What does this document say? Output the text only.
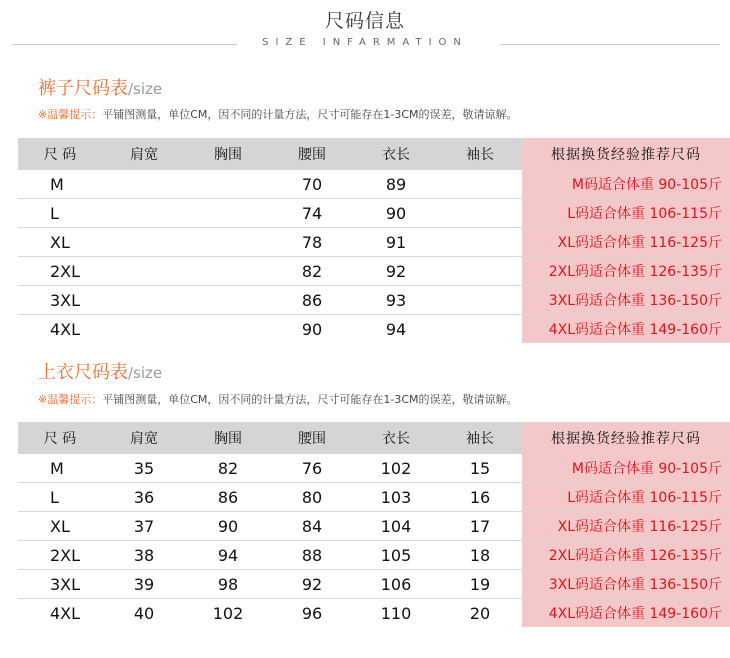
尺码信息
SIZE INFARMATION
裤子尺码表/size
※温馨提示：平铺图测量，单位CM，因不同的计量方法，尺寸可能存在1-3CM的误差，敬请谅解。
尺 码	肩宽	胸围	腰围	衣长	袖长	根据换货经验推荐尺码
M			70	89		M码适合体重 90-105斤
L			74	90		L码适合体重 106-115斤
XL			78	91		XL码适合体重 116-125斤
2XL			82	92		2XL码适合体重 126-135斤
3XL			86	93		3XL码适合体重 136-150斤
4XL			90	94		4XL码适合体重 149-160斤
上衣尺码表/size
※温馨提示：平铺图测量，单位CM，因不同的计量方法，尺寸可能存在1-3CM的误差，敬请谅解。
尺 码	肩宽	胸围	腰围	衣长	袖长	根据换货经验推荐尺码
M	35	82	76	102	15	M码适合体重 90-105斤
L	36	86	80	103	16	L码适合体重 106-115斤
XL	37	90	84	104	17	XL码适合体重 116-125斤
2XL	38	94	88	105	18	2XL码适合体重 126-135斤
3XL	39	98	92	106	19	3XL码适合体重 136-150斤
4XL	40	102	96	110	20	4XL码适合体重 149-160斤
